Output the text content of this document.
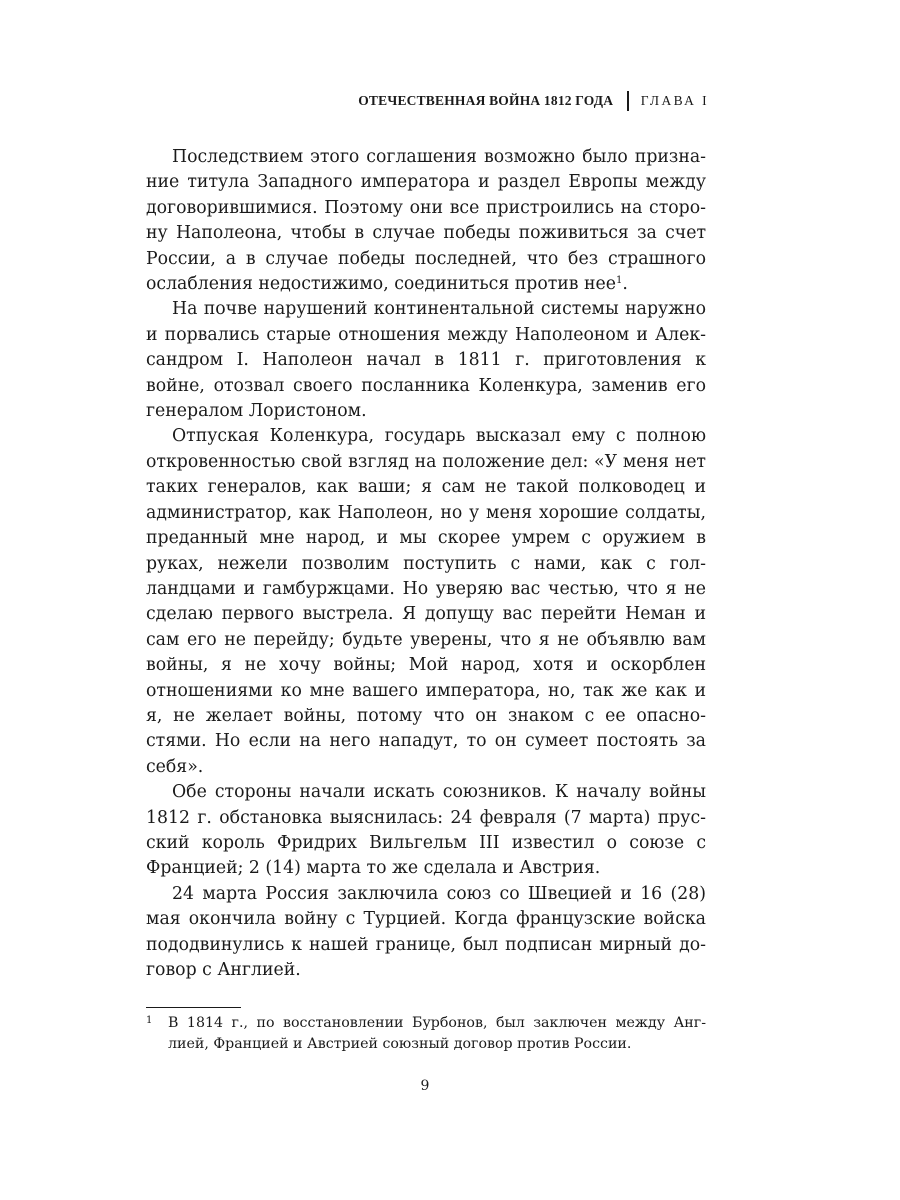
ОТЕЧЕСТВЕННАЯ ВОЙНА 1812 ГОДА ГЛАВА I

Последствием этого соглашения возможно было признание титула Западного императора и раздел Европы между договорившимися. Поэтому они все пристроились на сторону Наполеона, чтобы в случае победы поживиться за счет России, а в случае победы последней, что без страшного ослабления недостижимо, соединиться против нее$^1$.

На почве нарушений континентальной системы наружно и порвались старые отношения между Наполеоном и Александром I. Наполеон начал в 1811 г. приготовления к войне, отозвал своего посланника Коленкура, заменив его генералом Лористоном.

Отпуская Коленкура, государь высказал ему с полною откровенностью свой взгляд на положение дел: «У меня нет таких генералов, как ваши; я сам не такой полководец и администратор, как Наполеон, но у меня хорошие солдаты, преданный мне народ, и мы скорее умрем с оружием в руках, нежели позволим поступить с нами, как с голландцами и гамбуржцами. Но уверяю вас честью, что я не сделаю первого выстрела. Я допущу вас перейти Неман и сам его не перейду; будьте уверены, что я не объявлю вам войны, я не хочу войны; Мой народ, хотя и оскорблен отношениями ко мне вашего императора, но, так же как и я, не желает войны, потому что он знаком с ее опасностями. Но если на него нападут, то он сумеет постоять за себя».

Обе стороны начали искать союзников. К началу войны 1812 г. обстановка выяснилась: 24 февраля (7 марта) прусский король Фридрих Вильгельм III известил о союзе с Францией; 2 (14) марта то же сделала и Австрия.

24 марта Россия заключила союз со Швецией и 16 (28) мая окончила войну с Турцией. Когда французские войска пододвинулись к нашей границе, был подписан мирный договор с Англией.

1 В 1814 г., по восстановлении Бурбонов, был заключен между Англией, Францией и Австрией союзный договор против России.
9
